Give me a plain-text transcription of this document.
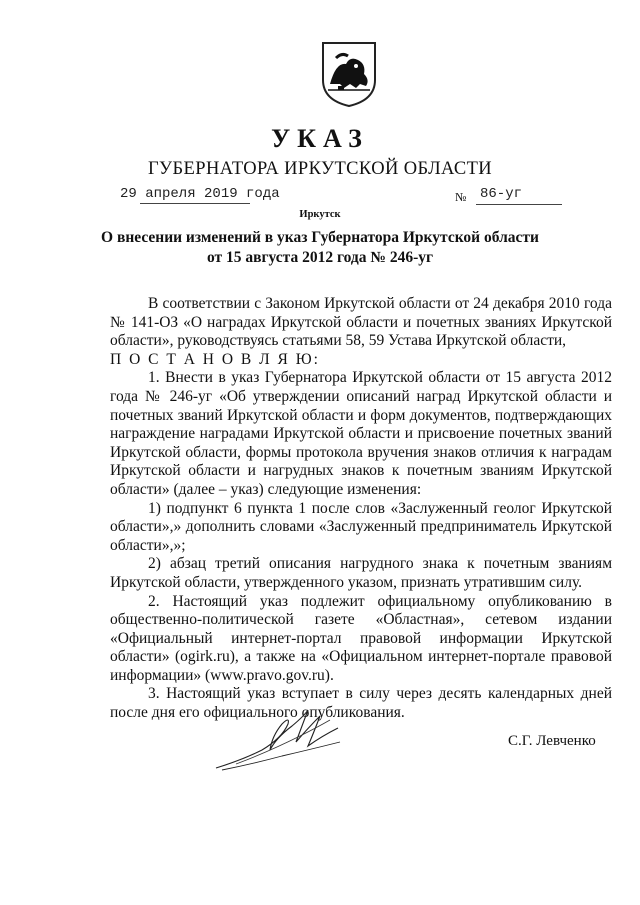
УКАЗ
ГУБЕРНАТОРА ИРКУТСКОЙ ОБЛАСТИ
29 апреля 2019 года	№ 86-уг
Иркутск
О внесении изменений в указ Губернатора Иркутской области
от 15 августа 2012 года № 246-уг

В соответствии с Законом Иркутской области от 24 декабря 2010 года № 141-ОЗ «О наградах Иркутской области и почетных званиях Иркутской области», руководствуясь статьями 58, 59 Устава Иркутской области,

П О С Т А Н О В Л Я Ю:

1. Внести в указ Губернатора Иркутской области от 15 августа 2012 года № 246-уг «Об утверждении описаний наград Иркутской области и почетных званий Иркутской области и форм документов, подтверждающих награждение наградами Иркутской области и присвоение почетных званий Иркутской области, формы протокола вручения знаков отличия к наградам Иркутской области и нагрудных знаков к почетным званиям Иркутской области» (далее – указ) следующие изменения:

1) подпункт 6 пункта 1 после слов «Заслуженный геолог Иркутской области»,» дополнить словами «Заслуженный предприниматель Иркутской области»,»;

2) абзац третий описания нагрудного знака к почетным званиям Иркутской области, утвержденного указом, признать утратившим силу.

2. Настоящий указ подлежит официальному опубликованию в общественно-политической газете «Областная», сетевом издании «Официальный интернет-портал правовой информации Иркутской области» (ogirk.ru), а также на «Официальном интернет-портале правовой информации» (www.pravo.gov.ru).

3. Настоящий указ вступает в силу через десять календарных дней после дня его официального опубликования.

С.Г. Левченко
